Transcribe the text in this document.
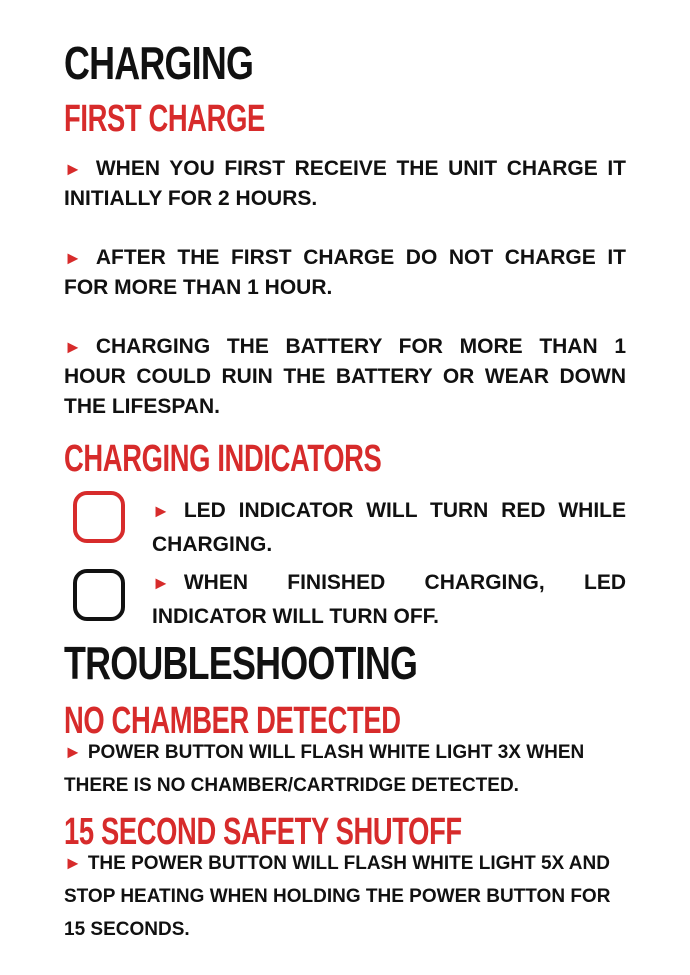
CHARGING
FIRST CHARGE
► WHEN YOU FIRST RECEIVE THE UNIT CHARGE IT INITIALLY FOR 2 HOURS.
► AFTER THE FIRST CHARGE DO NOT CHARGE IT FOR MORE THAN 1 HOUR.
► CHARGING THE BATTERY FOR MORE THAN 1 HOUR COULD RUIN THE BATTERY OR WEAR DOWN THE LIFESPAN.
CHARGING INDICATORS
► LED INDICATOR WILL TURN RED WHILE CHARGING.
► WHEN FINISHED CHARGING, LED INDICATOR WILL TURN OFF.
TROUBLESHOOTING
NO CHAMBER DETECTED
► POWER BUTTON WILL FLASH WHITE LIGHT 3X WHEN THERE IS NO CHAMBER/CARTRIDGE DETECTED.
15 SECOND SAFETY SHUTOFF
► THE POWER BUTTON WILL FLASH WHITE LIGHT 5X AND STOP HEATING WHEN HOLDING THE POWER BUTTON FOR 15 SECONDS.
